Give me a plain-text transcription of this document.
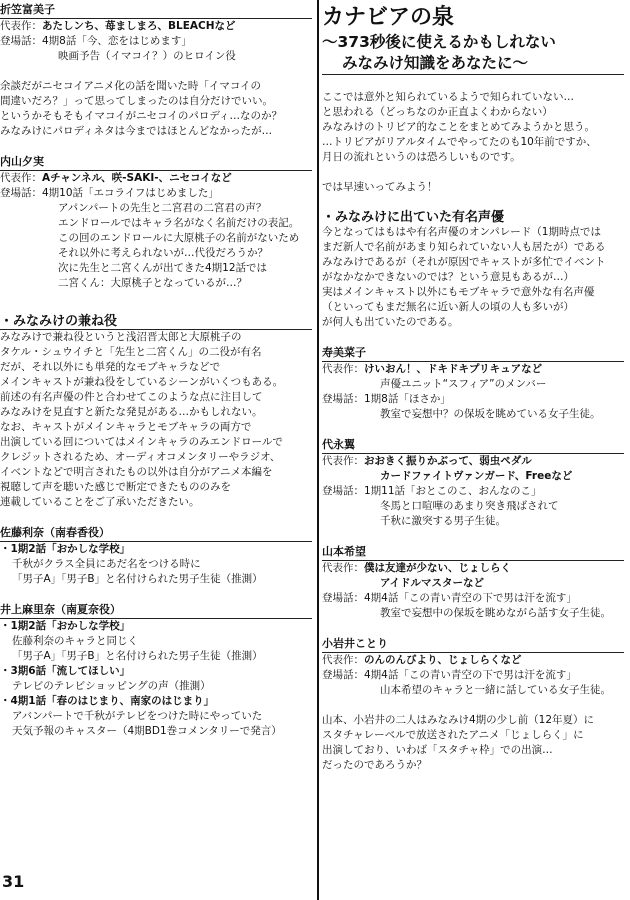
折笠富美子
代表作： あたしンち、苺ましまろ、BLEACHなど
登場話： 4期8話「今、恋をはじめます」
映画予告（イマコイ？）のヒロイン役
余談だがニセコイアニメ化の話を聞いた時「イマコイの
間違いだろ？」って思ってしまったのは自分だけでいい。
というかそもそもイマコイがニセコイのパロディ…なのか？
みなみけにパロディネタは今まではほとんどなかったが…
内山夕実
代表作： Aチャンネル、咲-SAKI-、ニセコイなど
登場話： 4期10話「エコライフはじめました」
アパンパートの先生と二宮君の二宮君の声？
エンドロールではキャラ名がなく名前だけの表記。
この回のエンドロールに大原桃子の名前がないため
それ以外に考えられないが…代役だろうか？
次に先生と二宮くんが出てきた4期12話では
二宮くん：大原桃子となっているが…？
・みなみけの兼ね役
みなみけで兼ね役というと浅沼晋太郎と大原桃子の
タケル・シュウイチと「先生と二宮くん」の二役が有名
だが、それ以外にも単発的なモブキャラなどで
メインキャストが兼ね役をしているシーンがいくつもある。
前述の有名声優の件と合わせてこのような点に注目して
みなみけを見直すと新たな発見がある…かもしれない。
なお、キャストがメインキャラとモブキャラの両方で
出演している回についてはメインキャラのみエンドロールで
クレジットされるため、オーディオコメンタリーやラジオ、
イベントなどで明言されたもの以外は自分がアニメ本編を
視聴して声を聴いた感じで断定できたもののみを
連載していることをご了承いただきたい。
佐藤利奈（南春香役）
・1期2話「おかしな学校」
千秋がクラス全員にあだ名をつける時に
「男子A」「男子B」と名付けられた男子生徒（推測）
井上麻里奈（南夏奈役）
・1期2話「おかしな学校」
佐藤利奈のキャラと同じく
「男子A」「男子B」と名付けられた男子生徒（推測）
・3期6話「流してほしい」
テレビのテレビショッピングの声（推測）
・4期1話「春のはじまり、南家のはじまり」
アバンパートで千秋がテレビをつけた時にやっていた
天気予報のキャスター（4期BD1巻コメンタリーで発言）
31
カナビアの泉
～373秒後に使えるかもしれない
みなみけ知識をあなたに～
ここでは意外と知られているようで知られていない…
と思われる（どっちなのか正直よくわからない）
みなみけのトリビア的なことをまとめてみようかと思う。
…トリビアがリアルタイムでやってたのも10年前ですか、
月日の流れというのは恐ろしいものです。
では早速いってみよう！
・みなみけに出ていた有名声優
今となってはもはや有名声優のオンパレード（1期時点では
まだ新人で名前があまり知られていない人も居たが）である
みなみけであるが（それが原因でキャストが多忙でイベント
がなかなかできないのでは？という意見もあるが…）
実はメインキャスト以外にもモブキャラで意外な有名声優
（といってもまだ無名に近い新人の頃の人も多いが）
が何人も出ていたのである。
寿美菜子
代表作： けいおん！、ドキドキプリキュアなど
声優ユニット“スフィア”のメンバー
登場話： 1期8話「ほさか」
教室で妄想中？の保坂を眺めている女子生徒。
代永翼
代表作： おおきく振りかぶって、弱虫ペダル
カードファイトヴァンガード、Freeなど
登場話： 1期11話「おとこのこ、おんなのこ」
冬馬と口喧嘩のあまり突き飛ばされて
千秋に激突する男子生徒。
山本希望
代表作： 僕は友達が少ない、じょしらく
アイドルマスターなど
登場話： 4期4話「この青い青空の下で男は汗を流す」
教室で妄想中の保坂を眺めながら話す女子生徒。
小岩井ことり
代表作： のんのんびより、じょしらくなど
登場話： 4期4話「この青い青空の下で男は汗を流す」
山本希望のキャラと一緒に話している女子生徒。
山本、小岩井の二人はみなみけ4期の少し前（12年夏）に
スタチャレーベルで放送されたアニメ「じょしらく」に
出演しており、いわば「スタチャ枠」での出演…
だったのであろうか？
